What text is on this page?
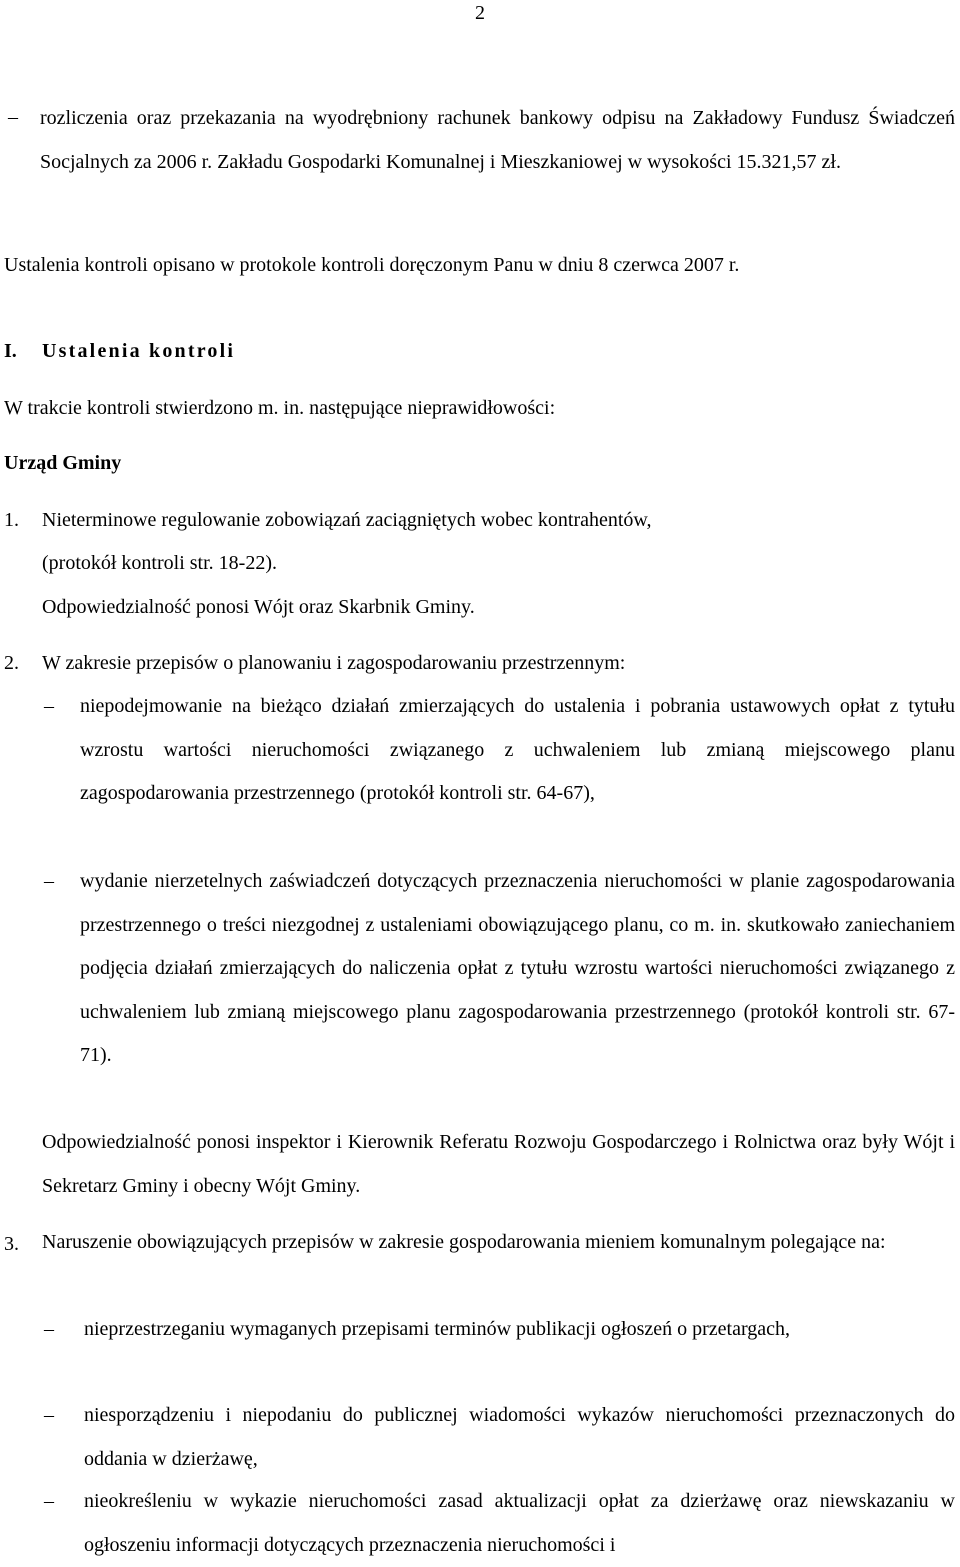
2
– rozliczenia oraz przekazania na wyodrębniony rachunek bankowy odpisu na Zakładowy Fundusz Świadczeń Socjalnych za 2006 r. Zakładu Gospodarki Komunalnej i Mieszkaniowej w wysokości 15.321,57 zł.
Ustalenia kontroli opisano w protokole kontroli doręczonym Panu w dniu 8 czerwca 2007 r.
I.	Ustalenia kontroli
W trakcie kontroli stwierdzono m. in. następujące nieprawidłowości:
Urząd Gminy
1.	Nieterminowe regulowanie zobowiązań zaciągniętych wobec kontrahentów,
(protokół kontroli str. 18-22).
Odpowiedzialność ponosi Wójt oraz Skarbnik Gminy.
2.	W zakresie przepisów o planowaniu i zagospodarowaniu przestrzennym:
– niepodejmowanie na bieżąco działań zmierzających do ustalenia i pobrania ustawowych opłat z tytułu wzrostu wartości nieruchomości związanego z uchwaleniem lub zmianą miejscowego planu zagospodarowania przestrzennego (protokół kontroli str. 64-67),
– wydanie nierzetelnych zaświadczeń dotyczących przeznaczenia nieruchomości w planie zagospodarowania przestrzennego o treści niezgodnej z ustaleniami obowiązującego planu, co m. in. skutkowało zaniechaniem podjęcia działań zmierzających do naliczenia opłat z tytułu wzrostu wartości nieruchomości związanego z uchwaleniem lub zmianą miejscowego planu zagospodarowania przestrzennego (protokół kontroli str. 67-71).
Odpowiedzialność ponosi inspektor i Kierownik Referatu Rozwoju Gospodarczego i Rolnictwa oraz były Wójt i Sekretarz Gminy i obecny Wójt Gminy.
3.	Naruszenie obowiązujących przepisów w zakresie gospodarowania mieniem komunalnym polegające na:
– nieprzestrzeganiu wymaganych przepisami terminów publikacji ogłoszeń o przetargach,
– niesporządzeniu i niepodaniu do publicznej wiadomości wykazów nieruchomości przeznaczonych do oddania w dzierżawę,
– nieokreśleniu w wykazie nieruchomości zasad aktualizacji opłat za dzierżawę oraz niewskazaniu w ogłoszeniu informacji dotyczących przeznaczenia nieruchomości i
